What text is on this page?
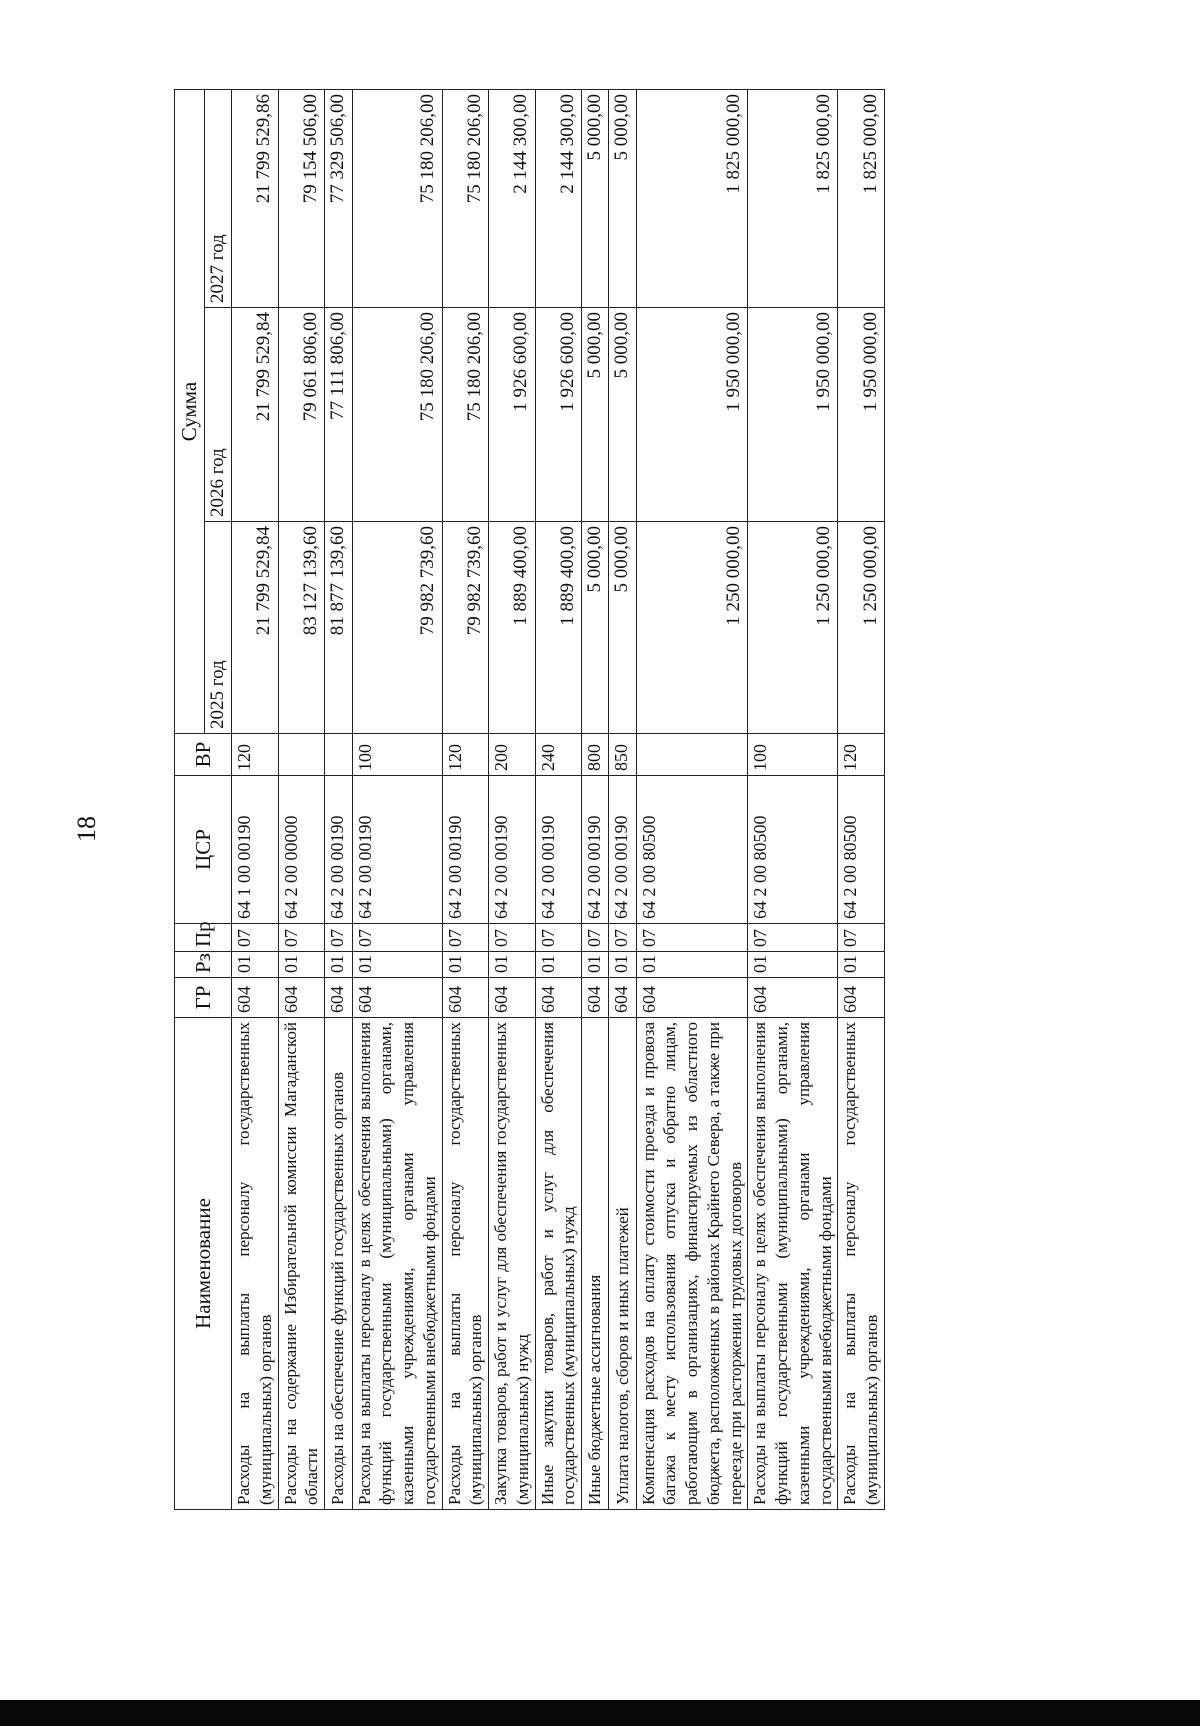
18
Наименование	ГР	Рз	Пр	ЦСР	ВР	Сумма		
						2025 год	2026 год	2027 год
Расходы на выплаты персоналу государственных (муниципальных) органов	604	01	07	64 1 00 00190	120	21 799 529,84	21 799 529,84	21 799 529,86
Расходы на содержание Избирательной комиссии Магаданской области	604	01	07	64 2 00 00000		83 127 139,60	79 061 806,00	79 154 506,00
Расходы на обеспечение функций государственных органов	604	01	07	64 2 00 00190		81 877 139,60	77 111 806,00	77 329 506,00
Расходы на выплаты персоналу в целях обеспечения выполнения функций государственными (муниципальными) органами, казенными учреждениями, органами управления государственными внебюджетными фондами	604	01	07	64 2 00 00190	100	79 982 739,60	75 180 206,00	75 180 206,00
Расходы на выплаты персоналу государственных (муниципальных) органов	604	01	07	64 2 00 00190	120	79 982 739,60	75 180 206,00	75 180 206,00
Закупка товаров, работ и услуг для обеспечения государственных (муниципальных) нужд	604	01	07	64 2 00 00190	200	1 889 400,00	1 926 600,00	2 144 300,00
Иные закупки товаров, работ и услуг для обеспечения государственных (муниципальных) нужд	604	01	07	64 2 00 00190	240	1 889 400,00	1 926 600,00	2 144 300,00
Иные бюджетные ассигнования	604	01	07	64 2 00 00190	800	5 000,00	5 000,00	5 000,00
Уплата налогов, сборов и иных платежей	604	01	07	64 2 00 00190	850	5 000,00	5 000,00	5 000,00
Компенсация расходов на оплату стоимости проезда и провоза багажа к месту использования отпуска и обратно лицам, работающим в организациях, финансируемых из областного бюджета, расположенных в районах Крайнего Севера, а также при переезде при расторжении трудовых договоров	604	01	07	64 2 00 80500		1 250 000,00	1 950 000,00	1 825 000,00
Расходы на выплаты персоналу в целях обеспечения выполнения функций государственными (муниципальными) органами, казенными учреждениями, органами управления государственными внебюджетными фондами	604	01	07	64 2 00 80500	100	1 250 000,00	1 950 000,00	1 825 000,00
Расходы на выплаты персоналу государственных (муниципальных) органов	604	01	07	64 2 00 80500	120	1 250 000,00	1 950 000,00	1 825 000,00
